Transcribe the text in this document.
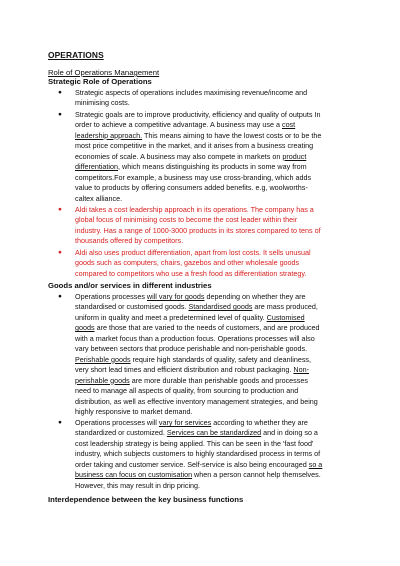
OPERATIONS
Role of Operations Management
Strategic Role of Operations
●	Strategic aspects of operations includes maximising revenue/income and
minimising costs.
●	Strategic goals are to improve productivity, efficiency and quality of outputs In
order to achieve a competitive advantage. A business may use a cost
leadership approach. This means aiming to have the lowest costs or to be the
most price competitive in the market, and it arises from a business creating
economies of scale. A business may also compete in markets on product
differentiation, which means distinguishing its products in some way from
competitors.For example, a business may use cross-branding, which adds
value to products by offering consumers added benefits. e.g, woolworths-
caltex alliance.
●	Aldi takes a cost leadership approach in its operations. The company has a
global focus of minimising costs to become the cost leader within their
industry. Has a range of 1000-3000 products in its stores compared to tens of
thousands offered by competitors.
●	Aldi also uses product differentiation, apart from lost costs. It sells unusual
goods such as computers, chairs, gazebos and other wholesale goods
compared to competitors who use a fresh food as differentiation strategy.
Goods and/or services in different industries
●	Operations processes will vary for goods depending on whether they are
standardised or customised goods. Standardised goods are mass produced,
uniform in quality and meet a predetermined level of quality. Customised
goods are those that are varied to the needs of customers, and are produced
with a market focus than a production focus. Operations processes will also
vary between sectors that produce perishable and non-perishable goods.
Perishable goods require high standards of quality, safety and cleanliness,
very short lead times and efficient distribution and robust packaging. Non-
perishable goods are more durable than perishable goods and processes
need to manage all aspects of quality, from sourcing to production and
distribution, as well as effective inventory management strategies, and being
highly responsive to market demand.
●	Operations processes will vary for services according to whether they are
standardized or customized. Services can be standardized and in doing so a
cost leadership strategy is being applied. This can be seen in the 'fast food'
industry, which subjects customers to highly standardised process in terms of
order taking and customer service. Self-service is also being encouraged so a
business can focus on customisation when a person cannot help themselves.
However, this may result in drip pricing.
Interdependence between the key business functions
